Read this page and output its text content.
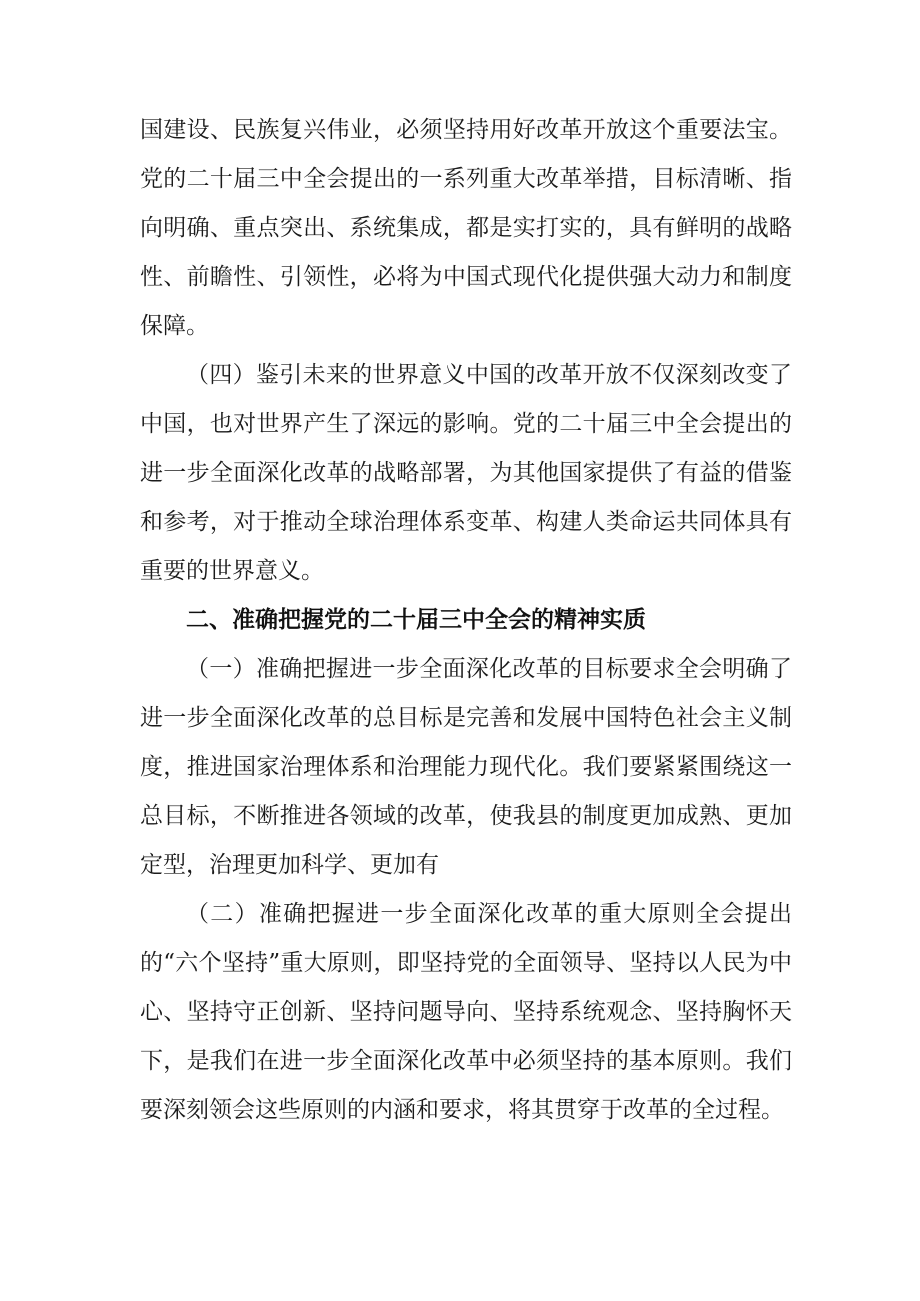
国建设、民族复兴伟业，必须坚持用好改革开放这个重要法宝。党的二十届三中全会提出的一系列重大改革举措，目标清晰、指向明确、重点突出、系统集成，都是实打实的，具有鲜明的战略性、前瞻性、引领性，必将为中国式现代化提供强大动力和制度保障。

（四）鉴引未来的世界意义中国的改革开放不仅深刻改变了中国，也对世界产生了深远的影响。党的二十届三中全会提出的进一步全面深化改革的战略部署，为其他国家提供了有益的借鉴和参考，对于推动全球治理体系变革、构建人类命运共同体具有重要的世界意义。

二、准确把握党的二十届三中全会的精神实质

（一）准确把握进一步全面深化改革的目标要求全会明确了进一步全面深化改革的总目标是完善和发展中国特色社会主义制度，推进国家治理体系和治理能力现代化。我们要紧紧围绕这一总目标，不断推进各领域的改革，使我县的制度更加成熟、更加定型，治理更加科学、更加有

（二）准确把握进一步全面深化改革的重大原则全会提出的“六个坚持”重大原则，即坚持党的全面领导、坚持以人民为中心、坚持守正创新、坚持问题导向、坚持系统观念、坚持胸怀天下，是我们在进一步全面深化改革中必须坚持的基本原则。我们要深刻领会这些原则的内涵和要求，将其贯穿于改革的全过程。
